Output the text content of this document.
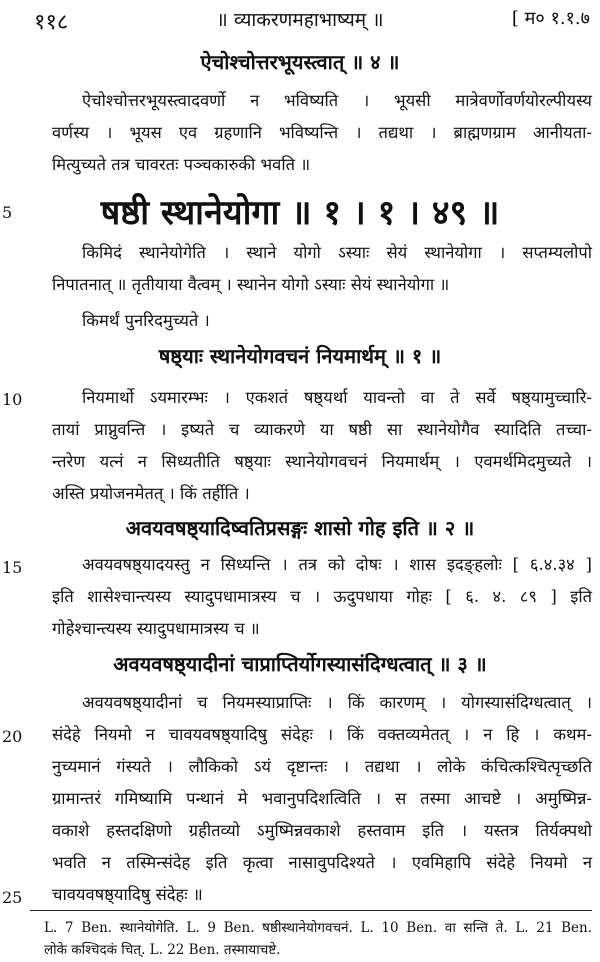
११८	॥ व्याकरणमहाभाष्यम् ॥	[ म० १.१.७
ऐचोश्चोत्तरभूयस्त्वात् ॥ ४ ॥
ऐचोश्चोत्तरभूयस्त्वादवर्णो न भविष्यति । भूयसी मात्रेवर्णोवर्णयोरल्पीयस्य
वर्णस्य । भूयस एव ग्रहणानि भविष्यन्ति । तद्यथा । ब्राह्मणग्राम आनीयता-
मित्युच्यते तत्र चावरतः पञ्चकारुकी भवति ॥
5	षष्ठी स्थानेयोगा ॥ १ । १ । ४९ ॥
किमिदं स्थानेयोगेति । स्थाने योगो ऽस्याः सेयं स्थानेयोगा । सप्तम्यलोपो
निपातनात् ॥ तृतीयाया वैत्वम् । स्थानेन योगो ऽस्याः सेयं स्थानेयोगा ॥
किमर्थं पुनरिदमुच्यते ।
षष्ठ्याः स्थानेयोगवचनं नियमार्थम् ॥ १ ॥
10	नियमार्थो ऽयमारम्भः । एकशतं षष्ठ्यर्था यावन्तो वा ते सर्वे षष्ठ्यामुच्चारि-
तायां प्राप्नुवन्ति । इष्यते च व्याकरणे या षष्ठी सा स्थानेयोगैव स्यादिति तच्चा-
न्तरेण यत्नं न सिध्यतीति षष्ठ्याः स्थानेयोगवचनं नियमार्थम् । एवमर्थमिदमुच्यते ।
अस्ति प्रयोजनमेतत् । किं तर्हीति ।
अवयवषष्ठ्यादिष्वतिप्रसङ्गः शासो गोह इति ॥ २ ॥
15	अवयवषष्ठ्यादयस्तु न सिध्यन्ति । तत्र को दोषः । शास इदङ्हलोः [ ६.४.३४ ]
इति शासेश्चान्त्यस्य स्यादुपधामात्रस्य च । ऊदुपधाया गोहः [ ६. ४. ८९ ] इति
गोहेश्चान्त्यस्य स्यादुपधामात्रस्य च ॥
अवयवषष्ठ्यादीनां चाप्राप्तिर्योगस्यासंदिग्धत्वात् ॥ ३ ॥
अवयवषष्ठ्यादीनां च नियमस्याप्राप्तिः । किं कारणम् । योगस्यासंदिग्धत्वात् ।
20 संदेहे नियमो न चावयवषष्ठ्यादिषु संदेहः । किं वक्तव्यमेतत् । न हि । कथम-
नुच्यमानं गंस्यते । लौकिको ऽयं दृष्टान्तः । तद्यथा । लोके कंचित्कश्चित्पृच्छति
ग्रामान्तरं गमिष्यामि पन्थानं मे भवानुपदिशत्विति । स तस्मा आचष्टे । अमुष्मिन्न-
वकाशे हस्तदक्षिणो ग्रहीतव्यो ऽमुष्मिन्नवकाशे हस्तवाम इति । यस्तत्र तिर्यक्पथो
भवति न तस्मिन्संदेह इति कृत्वा नासावुपदिश्यते । एवमिहापि संदेहे नियमो न
25 चावयवषष्ठ्यादिषु संदेहः ॥
L. 7 Ben. स्थानेयोगेति. L. 9 Ben. षष्ठीस्थानेयोगवचनं. L. 10 Ben. वा सन्ति ते. L. 21 Ben.
लोके कश्चिदकं चित्. L. 22 Ben. तस्मायाचष्टे.
